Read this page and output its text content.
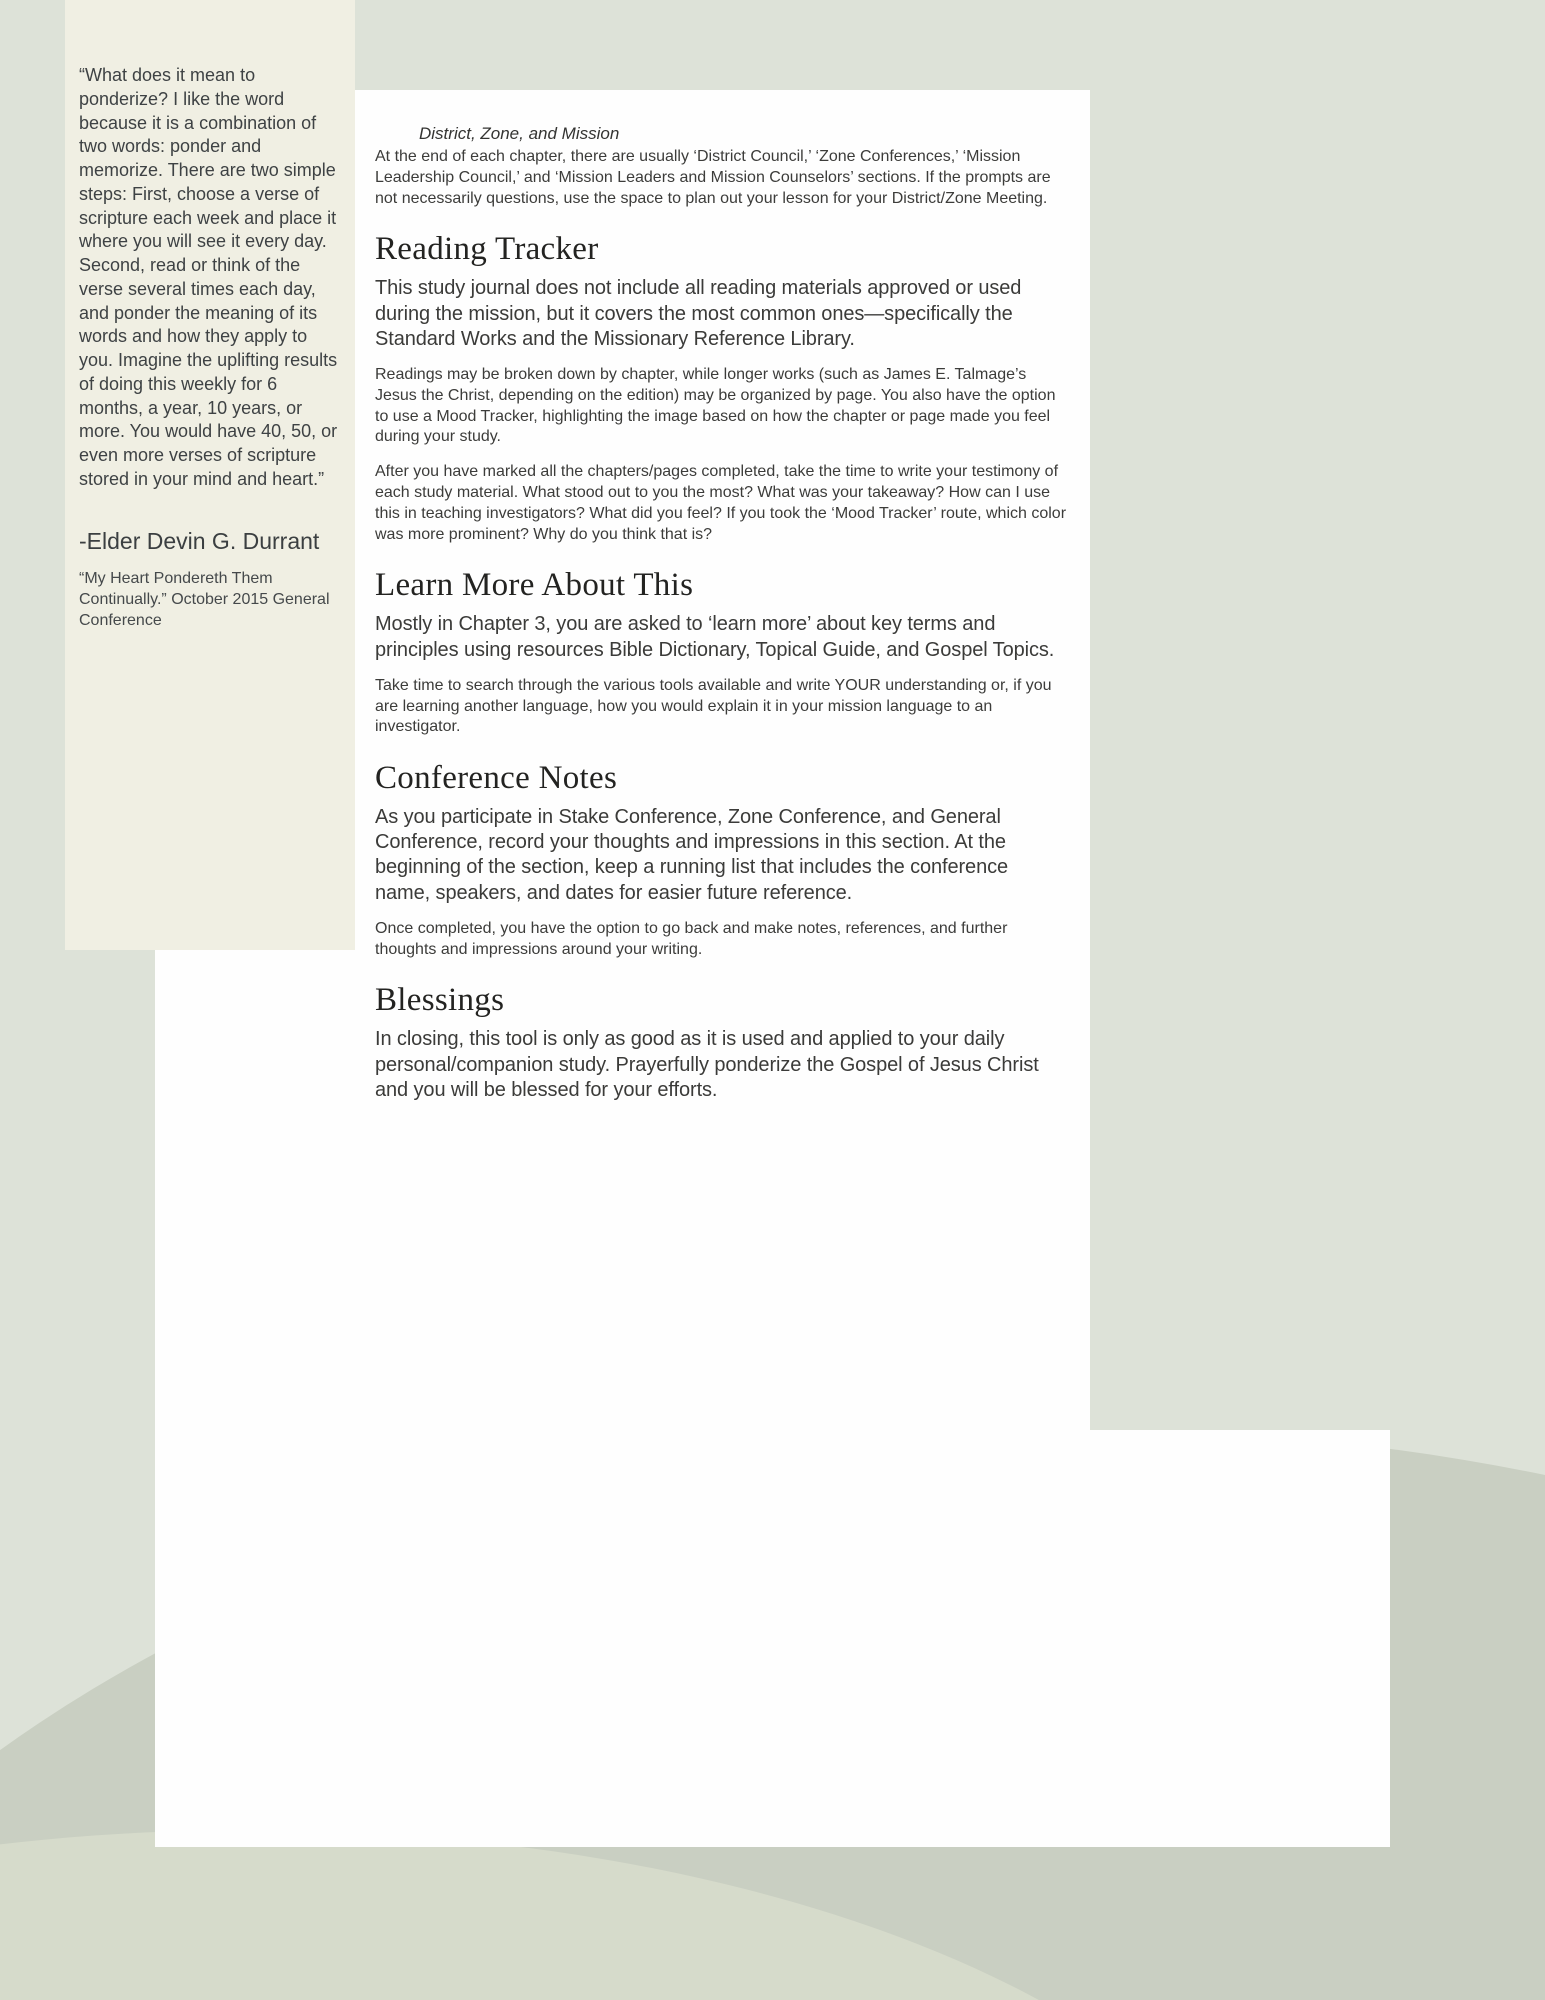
“What does it mean to ponderize? I like the word because it is a combination of two words: ponder and memorize. There are two simple steps: First, choose a verse of scripture each week and place it where you will see it every day. Second, read or think of the verse several times each day, and ponder the meaning of its words and how they apply to you. Imagine the uplifting results of doing this weekly for 6 months, a year, 10 years, or more. You would have 40, 50, or even more verses of scripture stored in your mind and heart.”

-Elder Devin G. Durrant

“My Heart Pondereth Them Continually.” October 2015 General Conference

District, Zone, and Mission

At the end of each chapter, there are usually ‘District Council,’ ‘Zone Conferences,’ ‘Mission Leadership Council,’ and ‘Mission Leaders and Mission Counselors’ sections. If the prompts are not necessarily questions, use the space to plan out your lesson for your District/Zone Meeting.

Reading Tracker

This study journal does not include all reading materials approved or used during the mission, but it covers the most common ones—specifically the Standard Works and the Missionary Reference Library.

Readings may be broken down by chapter, while longer works (such as James E. Talmage’s Jesus the Christ, depending on the edition) may be organized by page. You also have the option to use a Mood Tracker, highlighting the image based on how the chapter or page made you feel during your study.

After you have marked all the chapters/pages completed, take the time to write your testimony of each study material. What stood out to you the most? What was your takeaway? How can I use this in teaching investigators? What did you feel? If you took the ‘Mood Tracker’ route, which color was more prominent? Why do you think that is?

Learn More About This

Mostly in Chapter 3, you are asked to ‘learn more’ about key terms and principles using resources Bible Dictionary, Topical Guide, and Gospel Topics.

Take time to search through the various tools available and write YOUR understanding or, if you are learning another language, how you would explain it in your mission language to an investigator.

Conference Notes

As you participate in Stake Conference, Zone Conference, and General Conference, record your thoughts and impressions in this section. At the beginning of the section, keep a running list that includes the conference name, speakers, and dates for easier future reference.

Once completed, you have the option to go back and make notes, references, and further thoughts and impressions around your writing.

Blessings

In closing, this tool is only as good as it is used and applied to your daily personal/companion study. Prayerfully ponderize the Gospel of Jesus Christ and you will be blessed for your efforts.
